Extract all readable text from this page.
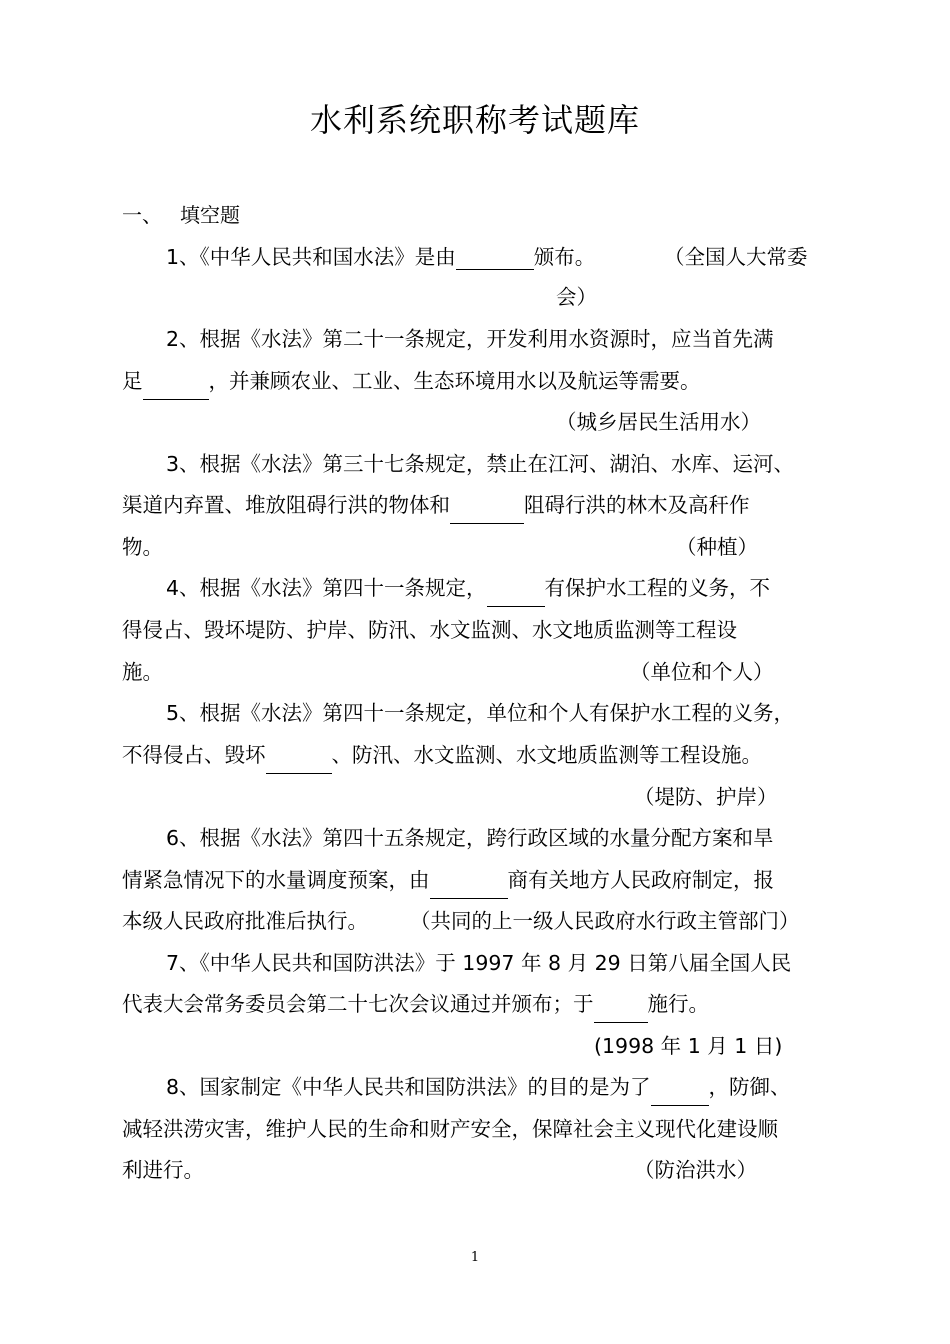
水利系统职称考试题库
一、 填空题
1、《中华人民共和国水法》是由	颁布。	（全国人大常委
会）
2、根据《水法》第二十一条规定，开发利用水资源时，应当首先满
足	，并兼顾农业、工业、生态环境用水以及航运等需要。
（城乡居民生活用水）
3、根据《水法》第三十七条规定，禁止在江河、湖泊、水库、运河、
渠道内弃置、堆放阻碍行洪的物体和	阻碍行洪的林木及高秆作
物。	（种植）
4、根据《水法》第四十一条规定，	有保护水工程的义务，不
得侵占、毁坏堤防、护岸、防汛、水文监测、水文地质监测等工程设
施。	（单位和个人）
5、根据《水法》第四十一条规定，单位和个人有保护水工程的义务，
不得侵占、毁坏	、防汛、水文监测、水文地质监测等工程设施。
（堤防、护岸）
6、根据《水法》第四十五条规定，跨行政区域的水量分配方案和旱
情紧急情况下的水量调度预案，由	商有关地方人民政府制定，报
本级人民政府批准后执行。	（共同的上一级人民政府水行政主管部门）
7、《中华人民共和国防洪法》于 1997 年 8 月 29 日第八届全国人民
代表大会常务委员会第二十七次会议通过并颁布；于	施行。
(1998 年 1 月 1 日)
8、国家制定《中华人民共和国防洪法》的目的是为了	，防御、
减轻洪涝灾害，维护人民的生命和财产安全，保障社会主义现代化建设顺
利进行。	（防治洪水）
1
